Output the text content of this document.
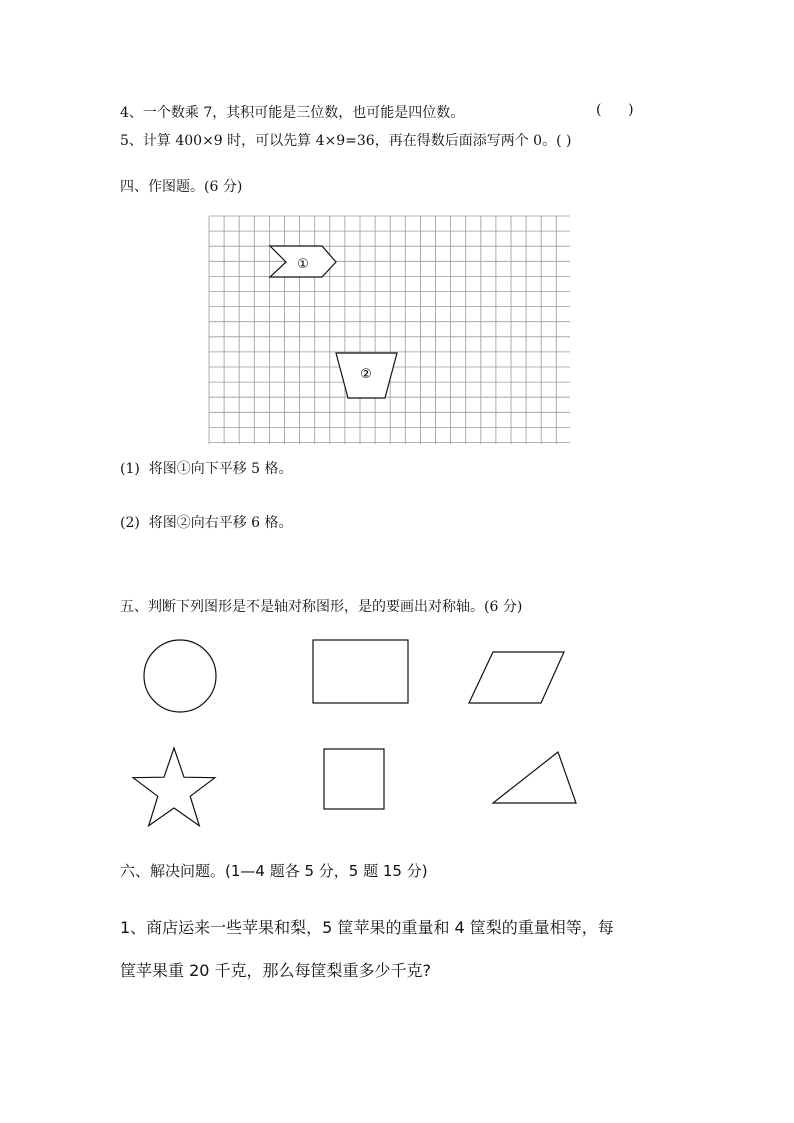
4、一个数乘 7，其积可能是三位数，也可能是四位数。	(      )
5、计算 400×9 时，可以先算 4×9=36，再在得数后面添写两个 0。( )
四、作图题。(6 分)
①
②
(1)  将图①向下平移 5 格。
(2)  将图②向右平移 6 格。
五、判断下列图形是不是轴对称图形，是的要画出对称轴。(6 分)
六、解决问题。(1—4 题各 5 分，5 题 15 分)
1、商店运来一些苹果和梨，5 筐苹果的重量和 4 筐梨的重量相等，每
筐苹果重 20 千克，那么每筐梨重多少千克?
